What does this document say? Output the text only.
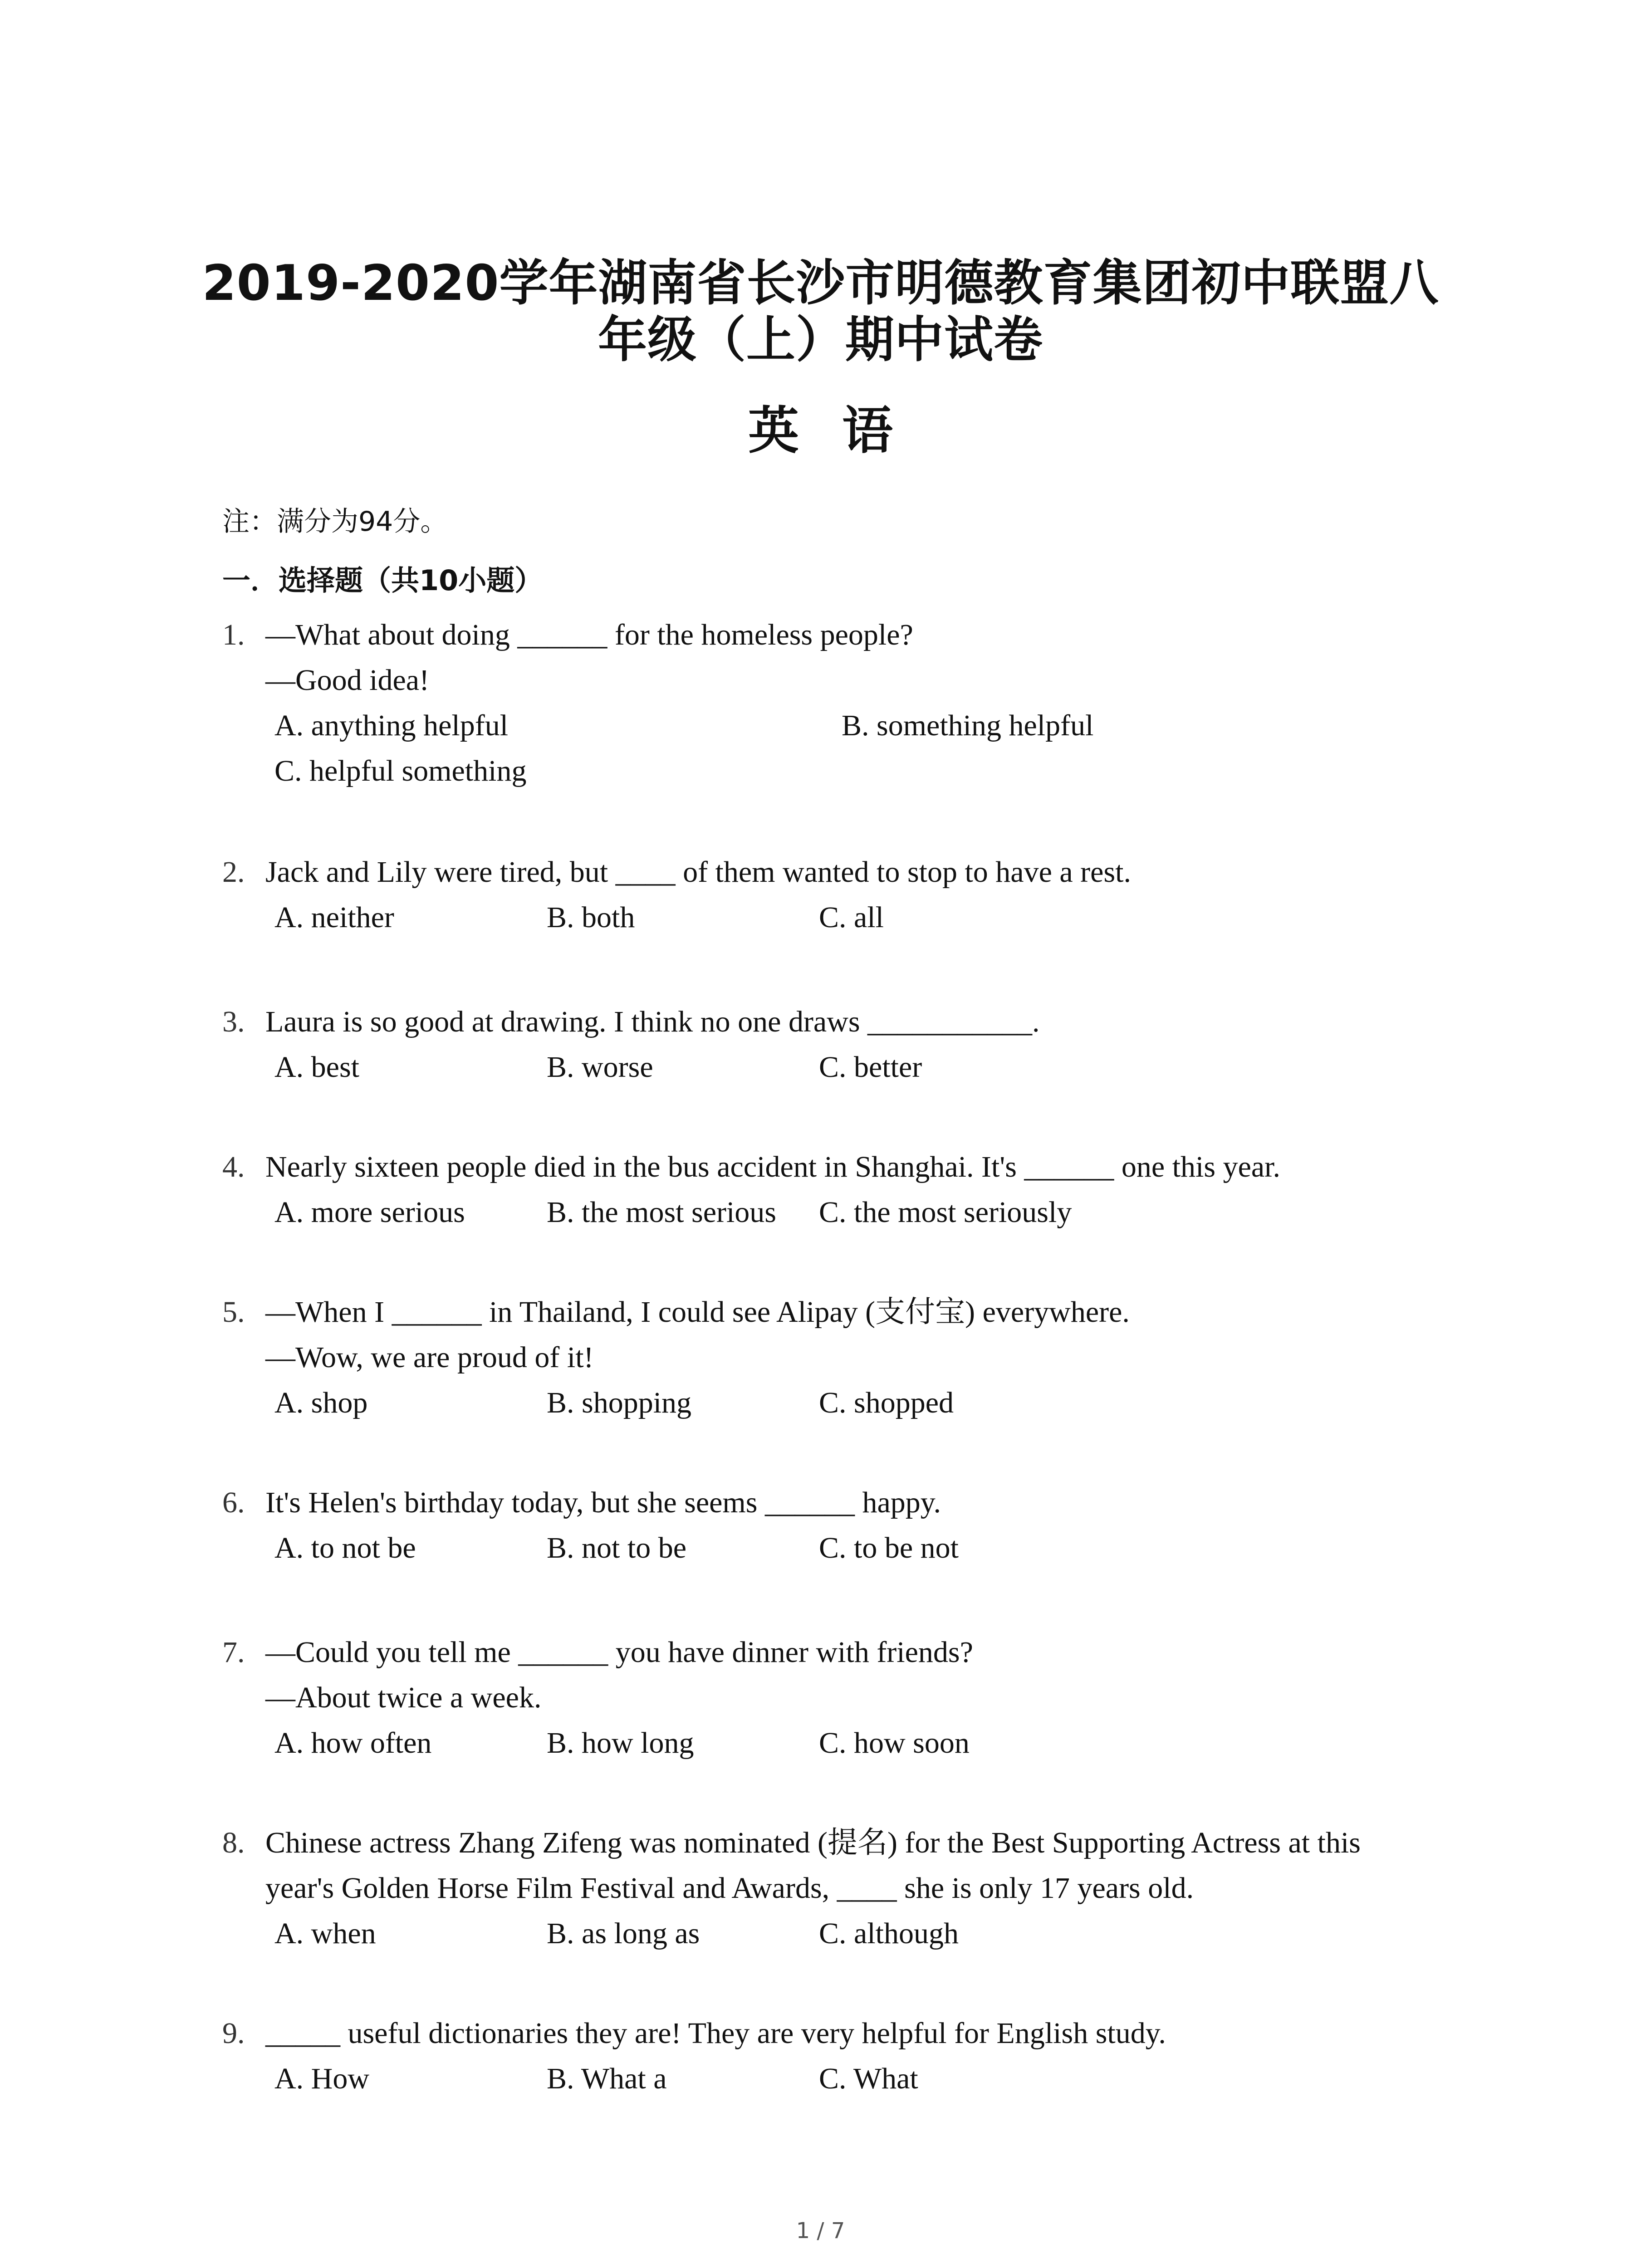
2019-2020学年湖南省长沙市明德教育集团初中联盟八
年级（上）期中试卷
英语
注：满分为94分。
一．选择题（共10小题）
1. —What about doing ______ for the homeless people?
—Good idea!
A. anything helpful	B. something helpful
C. helpful something
2. Jack and Lily were tired, but ____ of them wanted to stop to have a rest.
A. neither	B. both	C. all
3. Laura is so good at drawing. I think no one draws ___________.
A. best	B. worse	C. better
4. Nearly sixteen people died in the bus accident in Shanghai. It's ______ one this year.
A. more serious	B. the most serious C. the most seriously
5. —When I ______ in Thailand, I could see Alipay (支付宝) everywhere.
—Wow, we are proud of it!
A. shop	B. shopping	C. shopped
6. It's Helen's birthday today, but she seems ______ happy.
A. to not be	B. not to be	C. to be not
7. —Could you tell me ______ you have dinner with friends?
—About twice a week.
A. how often	B. how long	C. how soon
8. Chinese actress Zhang Zifeng was nominated (提名) for the Best Supporting Actress at this
year's Golden Horse Film Festival and Awards, ____ she is only 17 years old.
A. when	B. as long as	C. although
9. _____ useful dictionaries they are! They are very helpful for English study.
A. How	B. What a	C. What
1 / 7
